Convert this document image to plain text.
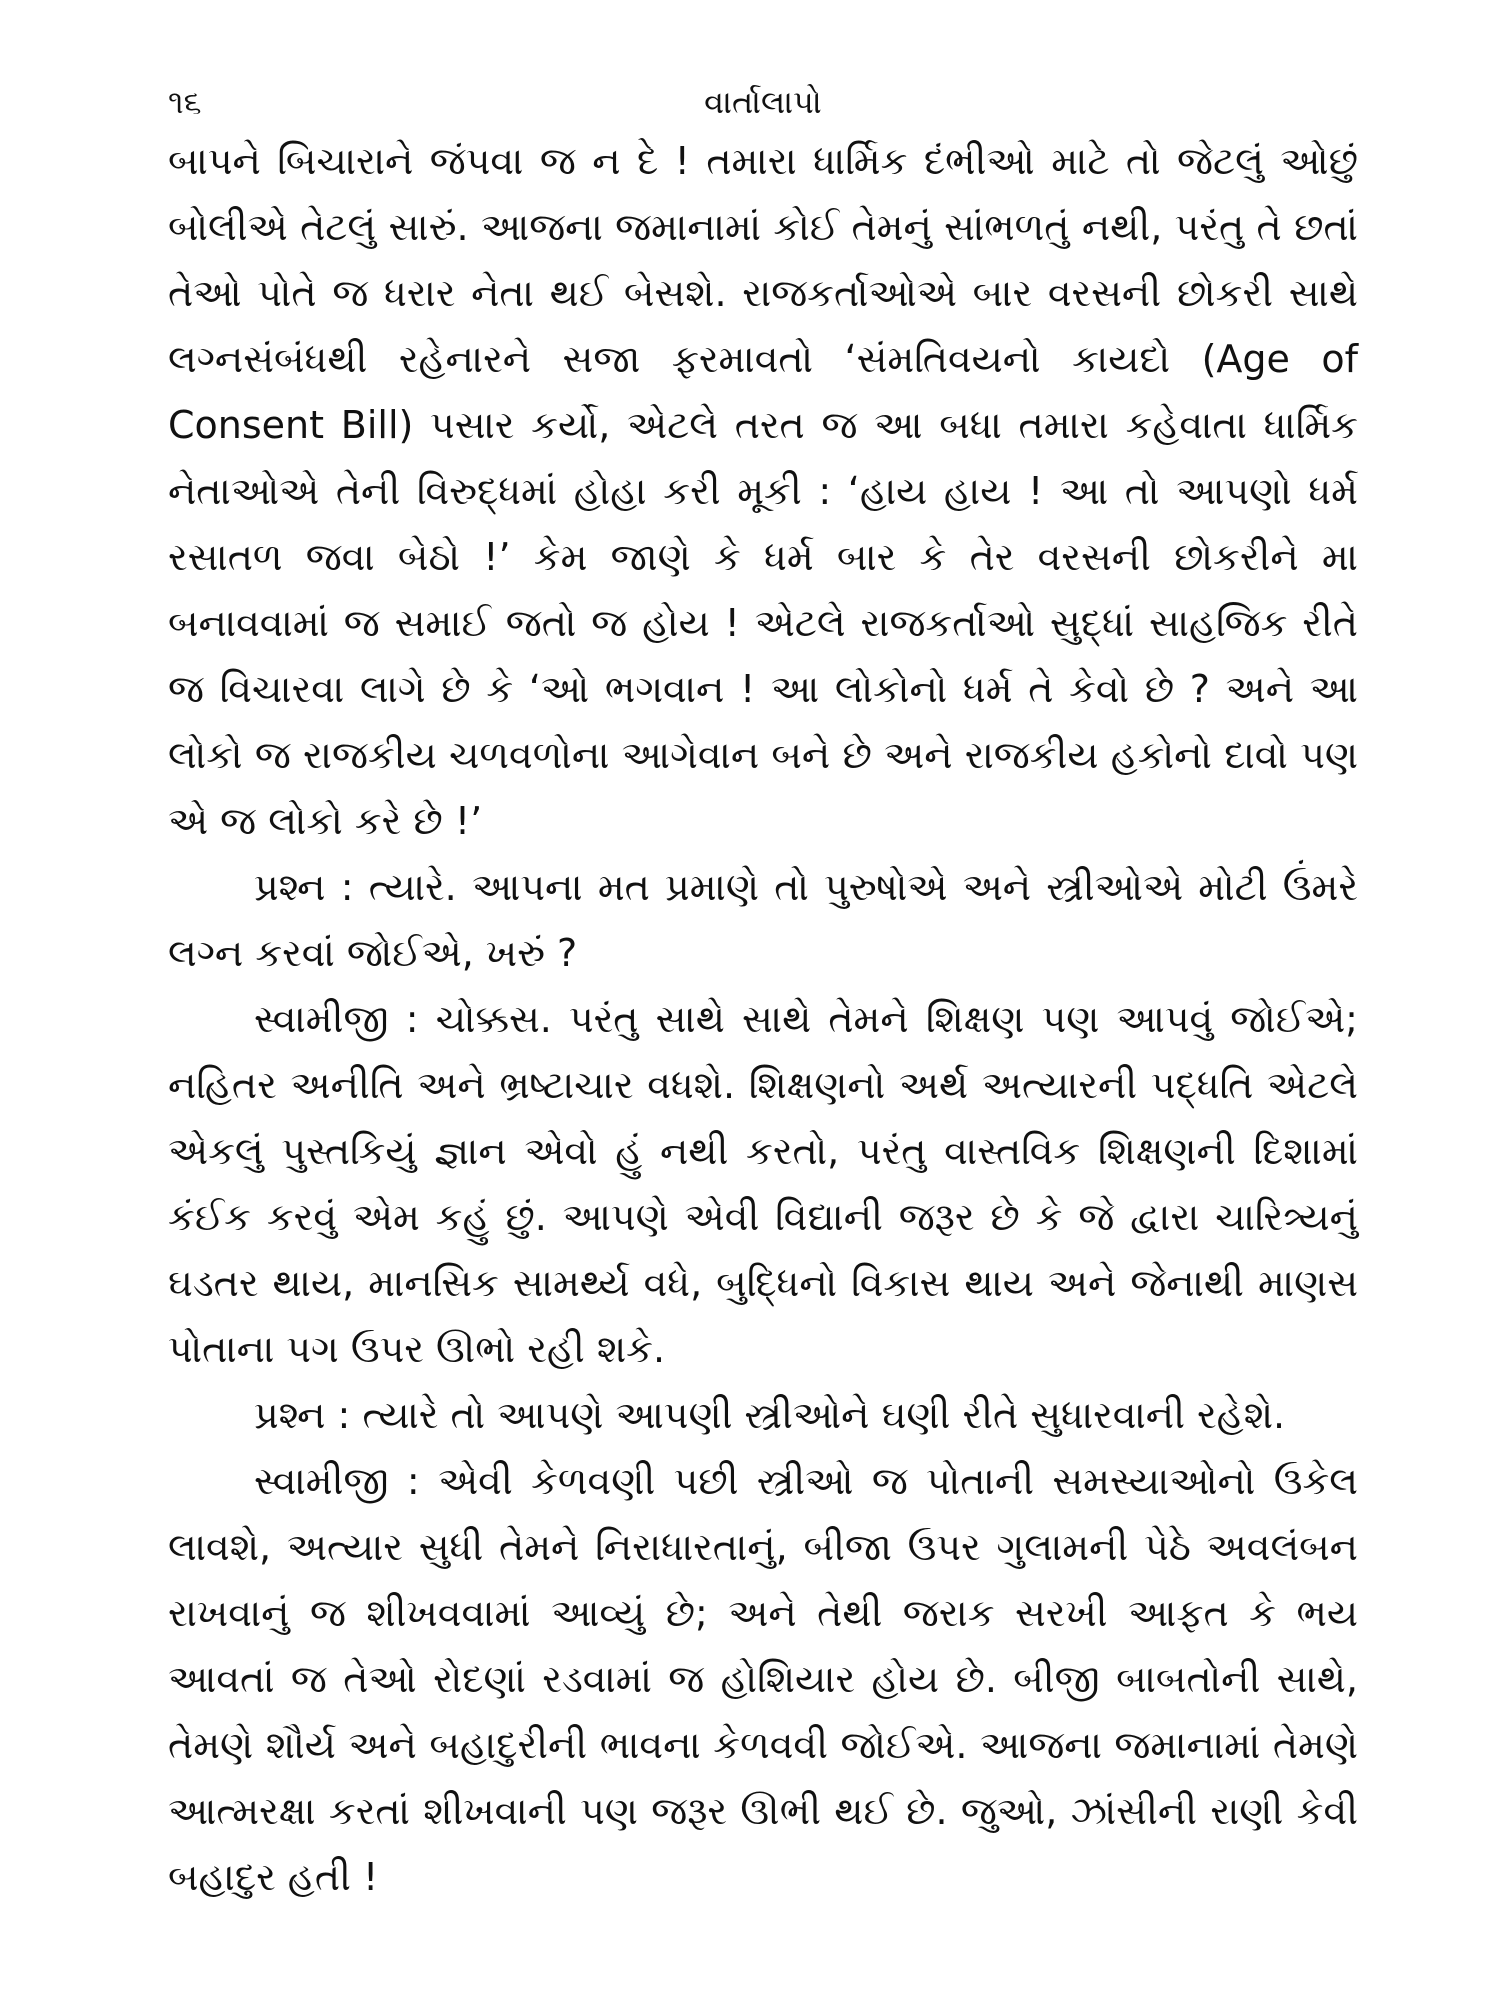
૧૬	વાર્તાલાપો

બાપને બિચારાને જંપવા જ ન દે ! તમારા ધાર્મિક દંભીઓ માટે તો જેટલું ઓછું બોલીએ તેટલું સારું. આજના જમાનામાં કોઈ તેમનું સાંભળતું નથી, પરંતુ તે છતાં તેઓ પોતે જ ધરાર નેતા થઈ બેસશે. રાજકર્તાઓએ બાર વરસની છોકરી સાથે લગ્નસંબંધથી રહેનારને સજા ફરમાવતો ‘સંમતિવયનો કાયદો (Age of Consent Bill) પસાર કર્યો, એટલે તરત જ આ બધા તમારા કહેવાતા ધાર્મિક નેતાઓએ તેની વિરુદ્ધમાં હોહા કરી મૂકી : ‘હાય હાય ! આ તો આપણો ધર્મ રસાતળ જવા બેઠો !’ કેમ જાણે કે ધર્મ બાર કે તેર વરસની છોકરીને મા બનાવવામાં જ સમાઈ જતો જ હોય ! એટલે રાજકર્તાઓ સુદ્ધાં સાહજિક રીતે જ વિચારવા લાગે છે કે ‘ઓ ભગવાન ! આ લોકોનો ધર્મ તે કેવો છે ? અને આ લોકો જ રાજકીય ચળવળોના આગેવાન બને છે અને રાજકીય હકોનો દાવો પણ એ જ લોકો કરે છે !’

પ્રશ્ન : ત્યારે. આપના મત પ્રમાણે તો પુરુષોએ અને સ્ત્રીઓએ મોટી ઉંમરે લગ્ન કરવાં જોઈએ, ખરું ?

સ્વામીજી : ચોક્કસ. પરંતુ સાથે સાથે તેમને શિક્ષણ પણ આપવું જોઈએ; નહિતર અનીતિ અને ભ્રષ્ટાચાર વધશે. શિક્ષણનો અર્થ અત્યારની પદ્ધતિ એટલે એકલું પુસ્તકિયું જ્ઞાન એવો હું નથી કરતો, પરંતુ વાસ્તવિક શિક્ષણની દિશામાં કંઈક કરવું એમ કહું છું. આપણે એવી વિદ્યાની જરૂર છે કે જે દ્વારા ચારિત્ર્યનું ઘડતર થાય, માનસિક સામર્થ્ય વધે, બુદ્ધિનો વિકાસ થાય અને જેનાથી માણસ પોતાના પગ ઉપર ઊભો રહી શકે.

પ્રશ્ન : ત્યારે તો આપણે આપણી સ્ત્રીઓને ઘણી રીતે સુધારવાની રહેશે.

સ્વામીજી : એવી કેળવણી પછી સ્ત્રીઓ જ પોતાની સમસ્યાઓનો ઉકેલ લાવશે, અત્યાર સુધી તેમને નિરાધારતાનું, બીજા ઉપર ગુલામની પેઠે અવલંબન રાખવાનું જ શીખવવામાં આવ્યું છે; અને તેથી જરાક સરખી આફત કે ભય આવતાં જ તેઓ રોદણાં રડવામાં જ હોશિયાર હોય છે. બીજી બાબતોની સાથે, તેમણે શૌર્ય અને બહાદુરીની ભાવના કેળવવી જોઈએ. આજના જમાનામાં તેમણે આત્મરક્ષા કરતાં શીખવાની પણ જરૂર ઊભી થઈ છે. જુઓ, ઝાંસીની રાણી કેવી બહાદુર હતી !
